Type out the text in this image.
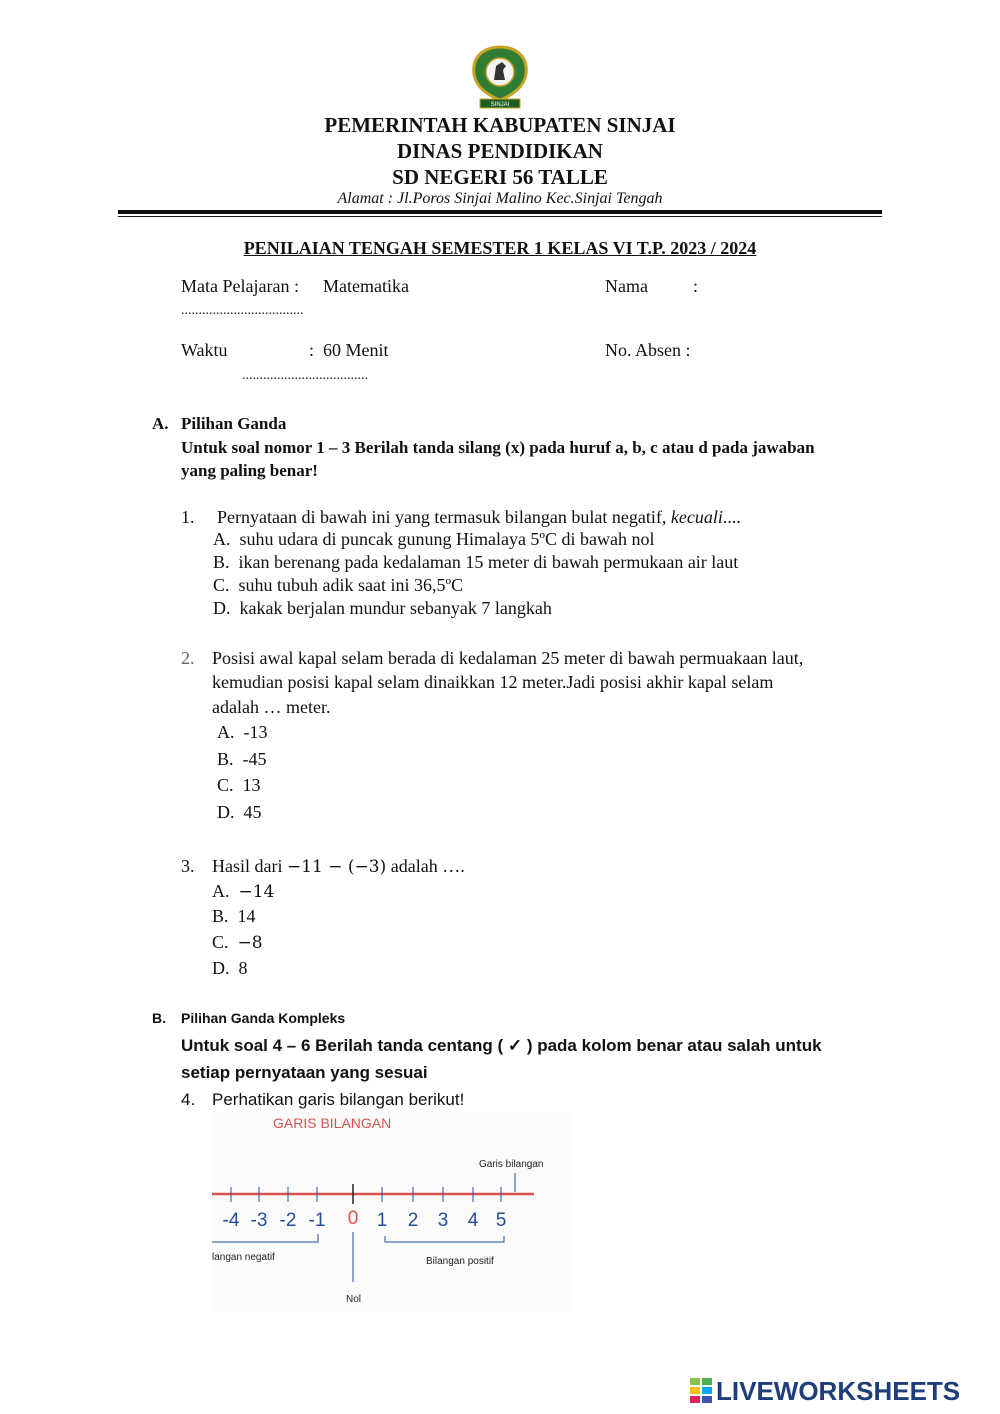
SINJAI
PEMERINTAH KABUPATEN SINJAI
DINAS PENDIDIKAN
SD NEGERI 56 TALLE
Alamat : Jl.Poros Sinjai Malino Kec.Sinjai Tengah
PENILAIAN TENGAH SEMESTER 1 KELAS VI T.P. 2023 / 2024
Mata Pelajaran : Matematika	Nama	:
...................................
Waktu	: 60 Menit	No. Absen :
....................................
A. Pilihan Ganda
Untuk soal nomor 1 – 3 Berilah tanda silang (x) pada huruf a, b, c atau d pada jawaban
yang paling benar!
1. Pernyataan di bawah ini yang termasuk bilangan bulat negatif, kecuali....
A. suhu udara di puncak gunung Himalaya 5ºC di bawah nol
B. ikan berenang pada kedalaman 15 meter di bawah permukaan air laut
C. suhu tubuh adik saat ini 36,5ºC
D. kakak berjalan mundur sebanyak 7 langkah
2. Posisi awal kapal selam berada di kedalaman 25 meter di bawah permuakaan laut,
kemudian posisi kapal selam dinaikkan 12 meter.Jadi posisi akhir kapal selam
adalah … meter.
A. -13
B. -45
C. 13
D. 45
3. Hasil dari −11 − (−3) adalah ….
A. −14
B. 14
C. −8
D. 8
B. Pilihan Ganda Kompleks
Untuk soal 4 – 6 Berilah tanda centang ( ✓ ) pada kolom benar atau salah untuk
setiap pernyataan yang sesuai
4. Perhatikan garis bilangan berikut!
GARIS BILANGAN
Garis bilangan
-4 -3 -2 -1 0 1 2 3 4 5
langan negatif	Bilangan positif
Nol
LIVEWORKSHEETS
